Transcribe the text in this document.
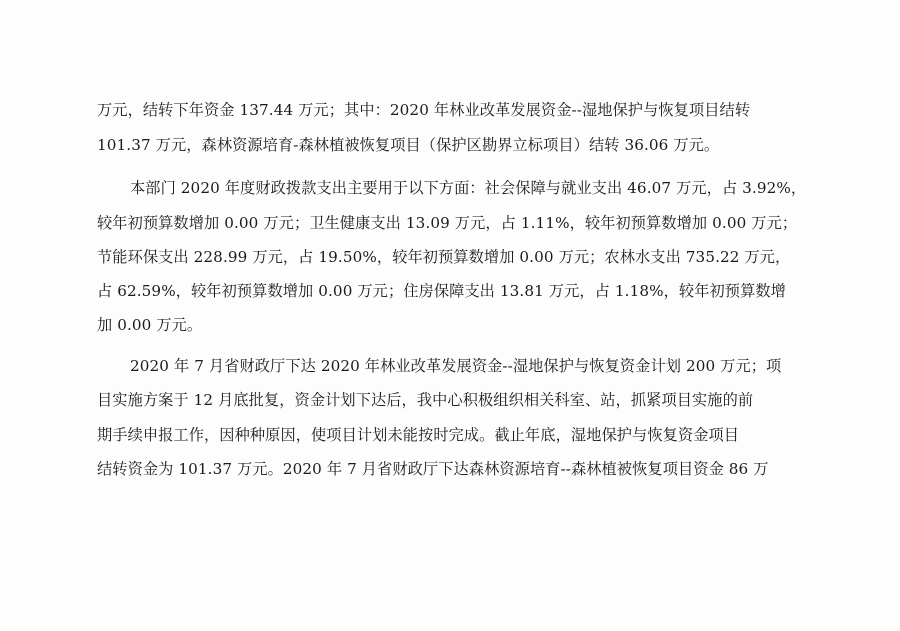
万元，结转下年资金 137.44 万元；其中：2020 年林业改革发展资金--湿地保护与恢复项目结转
101.37 万元，森林资源培育-森林植被恢复项目（保护区勘界立标项目）结转 36.06 万元。
本部门 2020 年度财政拨款支出主要用于以下方面：社会保障与就业支出 46.07 万元，占 3.92%，
较年初预算数增加 0.00 万元；卫生健康支出 13.09 万元，占 1.11%，较年初预算数增加 0.00 万元；
节能环保支出 228.99 万元，占 19.50%，较年初预算数增加 0.00 万元；农林水支出 735.22 万元，
占 62.59%，较年初预算数增加 0.00 万元；住房保障支出 13.81 万元，占 1.18%，较年初预算数增
加 0.00 万元。
2020 年 7 月省财政厅下达 2020 年林业改革发展资金--湿地保护与恢复资金计划 200 万元；项
目实施方案于 12 月底批复，资金计划下达后，我中心积极组织相关科室、站，抓紧项目实施的前
期手续申报工作，因种种原因，使项目计划未能按时完成。截止年底，湿地保护与恢复资金项目
结转资金为 101.37 万元。2020 年 7 月省财政厅下达森林资源培育--森林植被恢复项目资金 86 万
